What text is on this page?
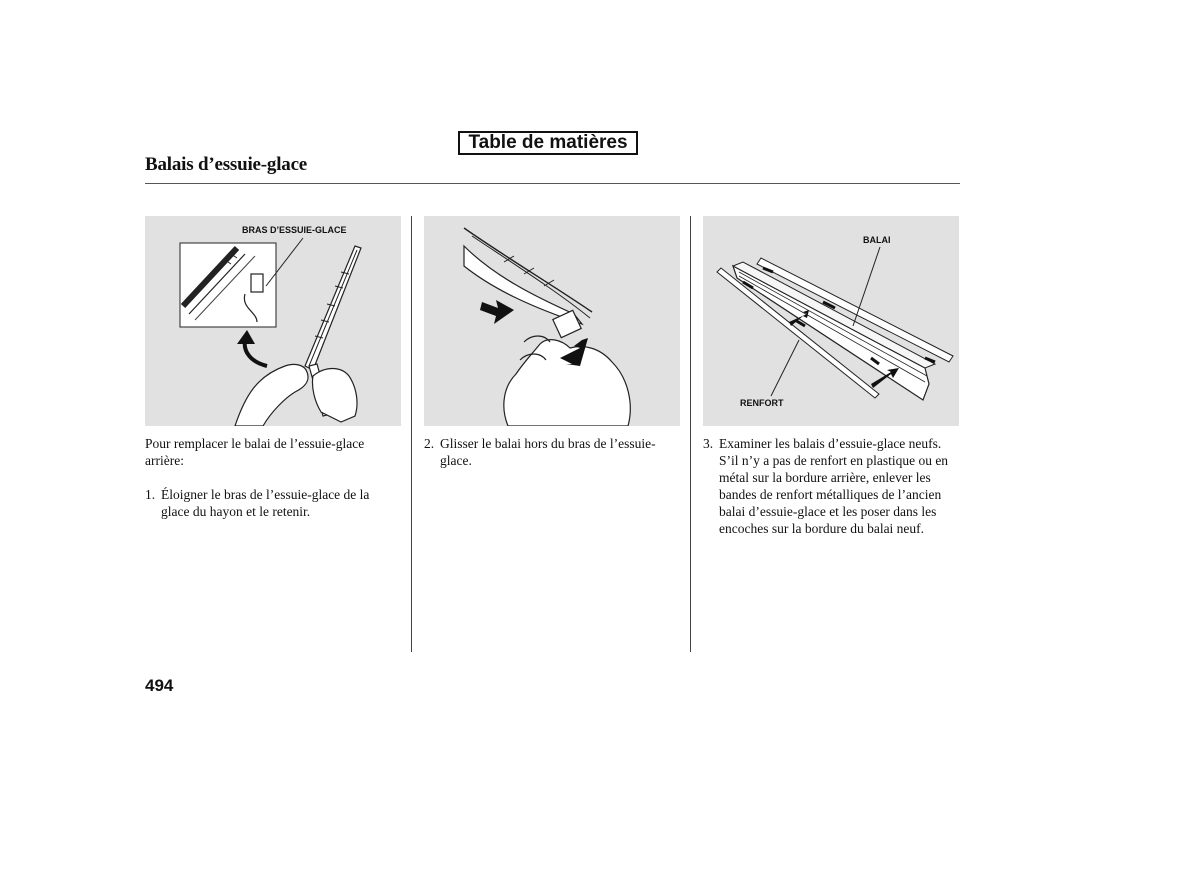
Table de matières
Balais d’essuie-glace
BRAS D’ESSUIE-GLACE
BALAI
RENFORT
Pour remplacer le balai de l’essuie-glace
arrière:
1. Éloigner le bras de l’essuie-glace de la
glace du hayon et le retenir.
2. Glisser le balai hors du bras de l’essuie-
glace.
3. Examiner les balais d’essuie-glace neufs.
S’il n’y a pas de renfort en plastique ou en
métal sur la bordure arrière, enlever les
bandes de renfort métalliques de l’ancien
balai d’essuie-glace et les poser dans les
encoches sur la bordure du balai neuf.
494
